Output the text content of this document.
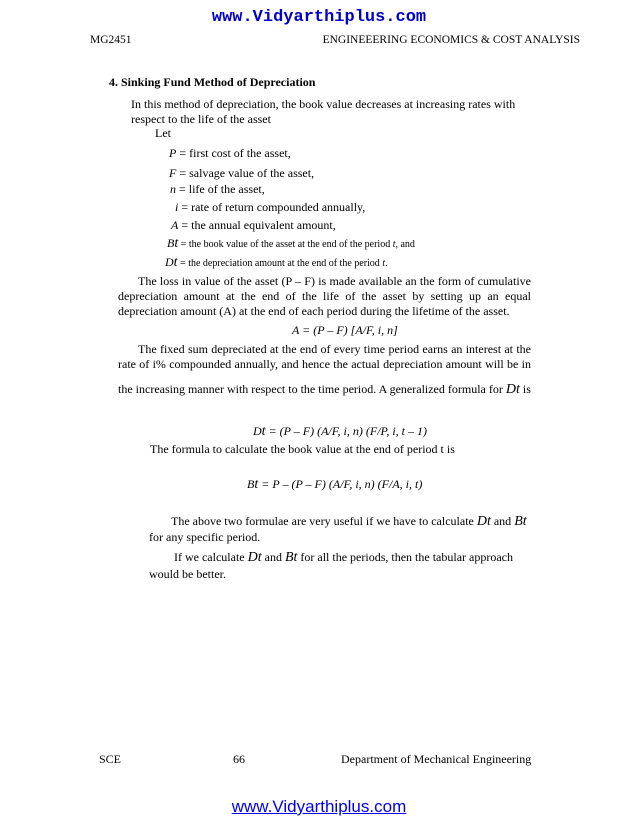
www.Vidyarthiplus.com
MG2451	ENGINEEERING ECONOMICS & COST ANALYSIS
4. Sinking Fund Method of Depreciation
In this method of depreciation, the book value decreases at increasing rates with
respect to the life of the asset
Let
P = first cost of the asset,
F = salvage value of the asset,
n = life of the asset,
i = rate of return compounded annually,
A = the annual equivalent amount,
Bt = the book value of the asset at the end of the period t, and
Dt = the depreciation amount at the end of the period t.
The loss in value of the asset (P – F) is made available an the form of cumulative
depreciation amount at the end of the life of the asset by setting up an equal
depreciation amount (A) at the end of each period during the lifetime of the asset.
A = (P – F) [A/F, i, n]
The fixed sum depreciated at the end of every time period earns an interest at the
rate of i% compounded annually, and hence the actual depreciation amount will be in
the increasing manner with respect to the time period. A generalized formula for Dt is
Dt = (P – F) (A/F, i, n) (F/P, i, t – 1)
The formula to calculate the book value at the end of period t is
Bt = P – (P – F) (A/F, i, n) (F/A, i, t)
The above two formulae are very useful if we have to calculate Dt and Bt
for any specific period.
If we calculate Dt and Bt for all the periods, then the tabular approach
would be better.
SCE	66	Department of Mechanical Engineering
www.Vidyarthiplus.com
